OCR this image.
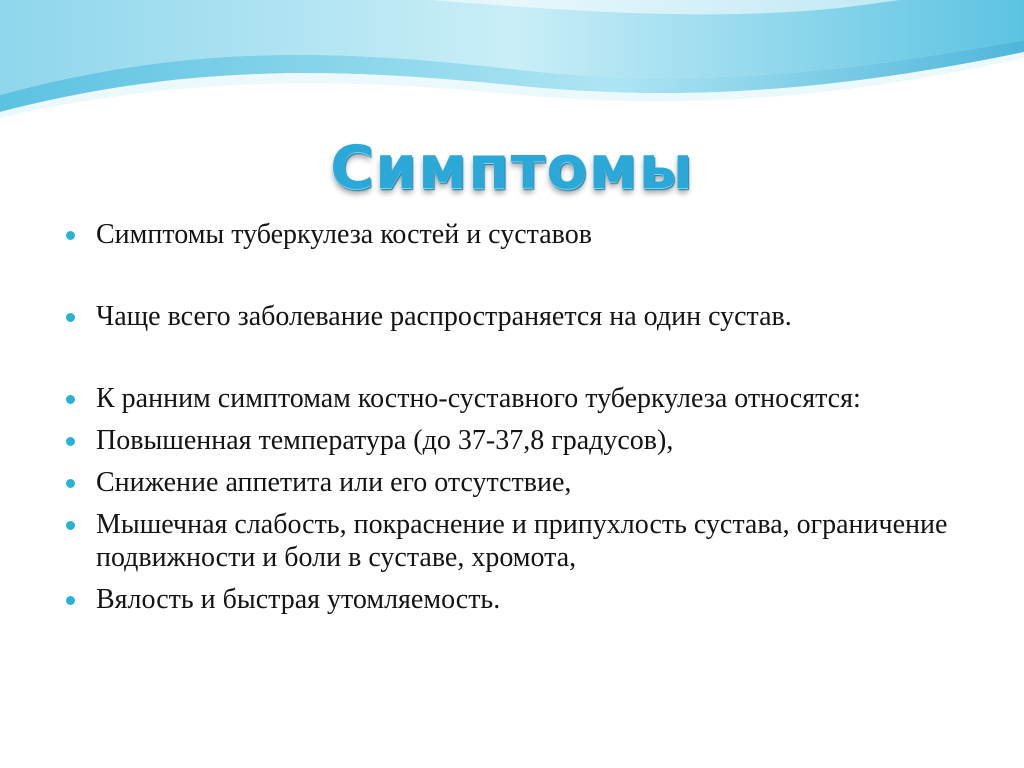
Симптомы
Симптомы туберкулеза костей и суставов
Чаще всего заболевание распространяется на один сустав.
К ранним симптомам костно-суставного туберкулеза относятся:
Повышенная температура (до 37-37,8 градусов),
Снижение аппетита или его отсутствие,
Мышечная слабость, покраснение и припухлость сустава, ограничение подвижности и боли в суставе, хромота,
Вялость и быстрая утомляемость.
